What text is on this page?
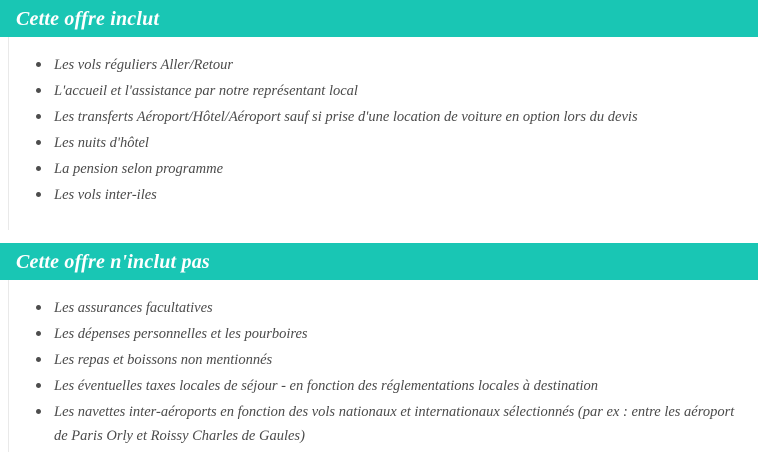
Cette offre inclut
Les vols réguliers Aller/Retour
L'accueil et l'assistance par notre représentant local
Les transferts Aéroport/Hôtel/Aéroport sauf si prise d'une location de voiture en option lors du devis
Les nuits d'hôtel
La pension selon programme
Les vols inter-iles
Cette offre n'inclut pas
Les assurances facultatives
Les dépenses personnelles et les pourboires
Les repas et boissons non mentionnés
Les éventuelles taxes locales de séjour - en fonction des réglementations locales à destination
Les navettes inter-aéroports en fonction des vols nationaux et internationaux sélectionnés (par ex : entre les aéroport de Paris Orly et Roissy Charles de Gaules)
